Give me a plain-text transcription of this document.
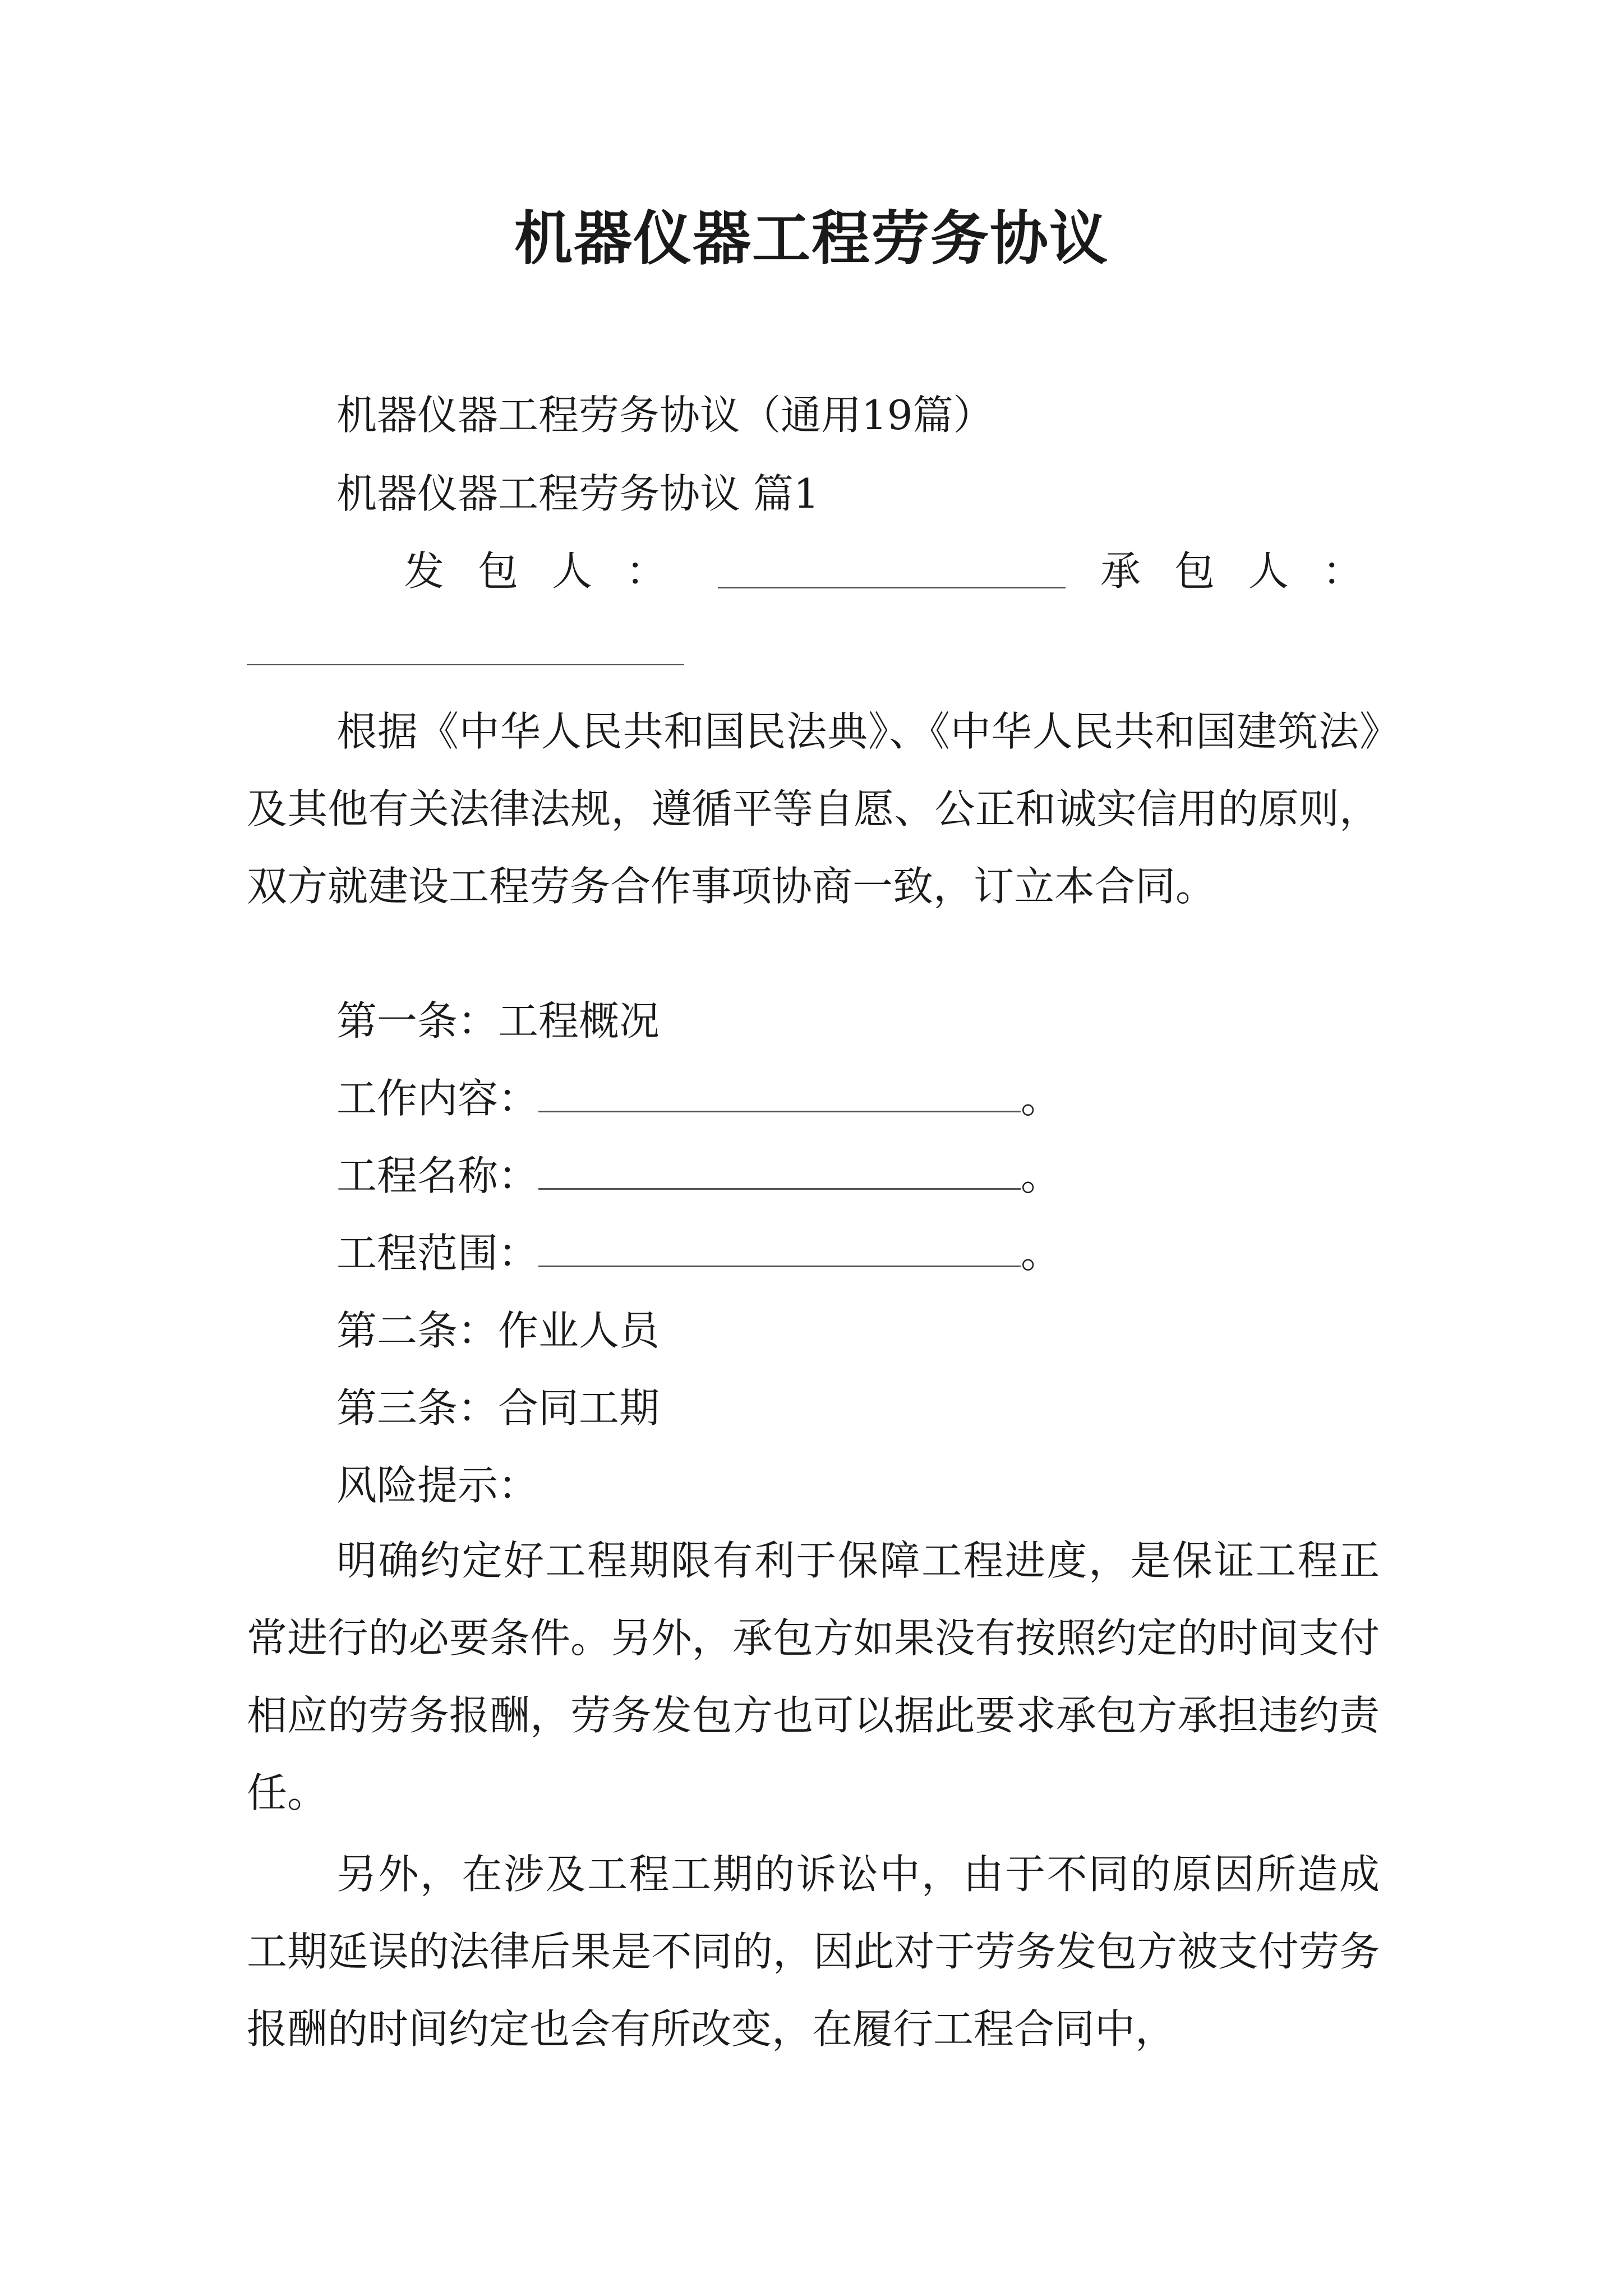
机器仪器工程劳务协议
机器仪器工程劳务协议（通用19篇）
机器仪器工程劳务协议 篇1
发包人：	承包人：
根据《中华人民共和国民法典》、《中华人民共和国建筑法》及其他有关法律法规，遵循平等自愿、公正和诚实信用的原则，双方就建设工程劳务合作事项协商一致，订立本合同。
第一条：工程概况
工作内容：	。
工程名称：	。
工程范围：	。
第二条：作业人员
第三条：合同工期
风险提示：
明确约定好工程期限有利于保障工程进度，是保证工程正常进行的必要条件。另外，承包方如果没有按照约定的时间支付相应的劳务报酬，劳务发包方也可以据此要求承包方承担违约责任。
另外，在涉及工程工期的诉讼中，由于不同的原因所造成工期延误的法律后果是不同的，因此对于劳务发包方被支付劳务报酬的时间约定也会有所改变，在履行工程合同中，
